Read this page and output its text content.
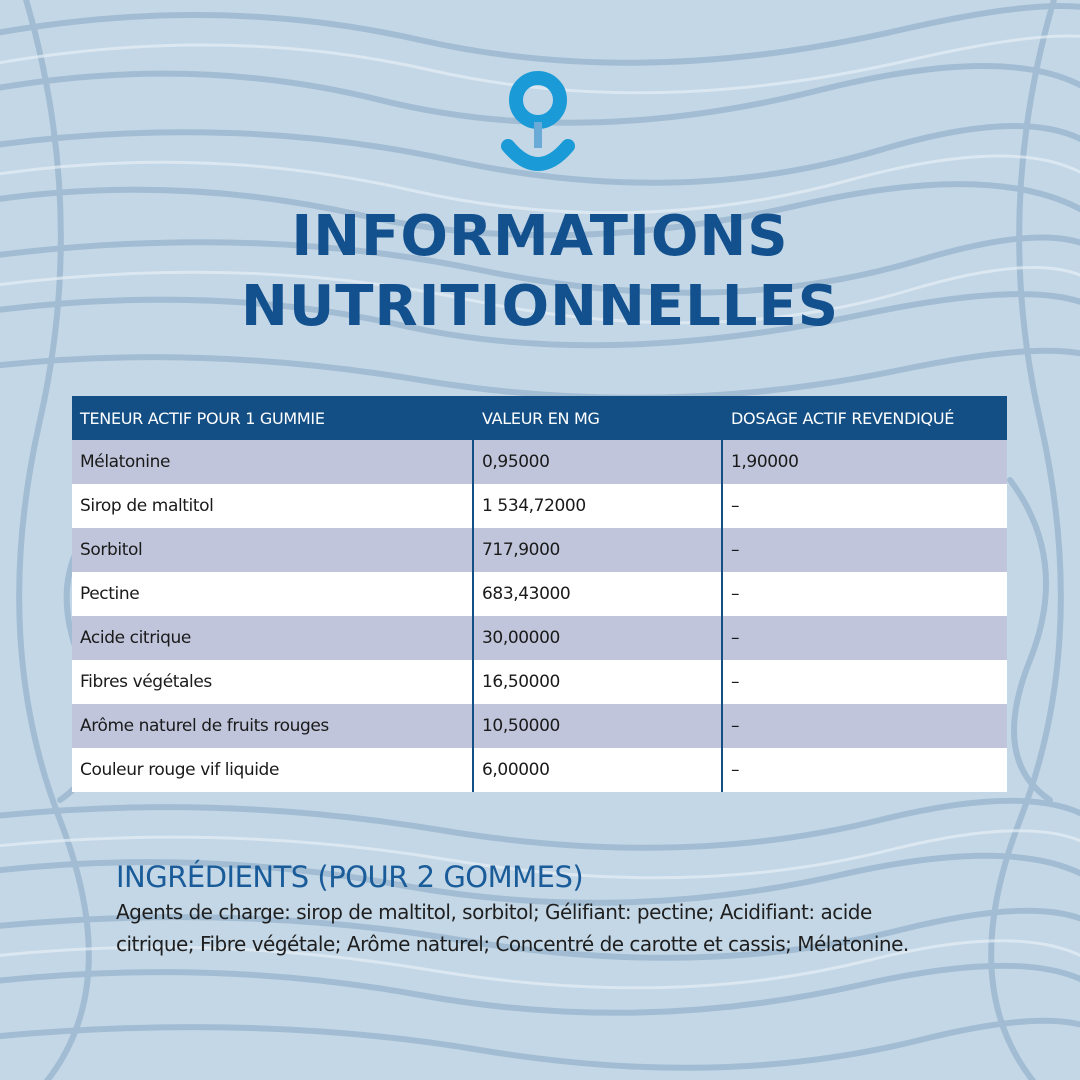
INFORMATIONS
NUTRITIONNELLES
TENEUR ACTIF POUR 1 GUMMIE	VALEUR EN MG	DOSAGE ACTIF REVENDIQUÉ
Mélatonine	0,95000	1,90000
Sirop de maltitol	1 534,72000	–
Sorbitol	717,9000	–
Pectine	683,43000	–
Acide citrique	30,00000	–
Fibres végétales	16,50000	–
Arôme naturel de fruits rouges	10,50000	–
Couleur rouge vif liquide	6,00000	–
INGRÉDIENTS (POUR 2 GOMMES)
Agents de charge: sirop de maltitol, sorbitol; Gélifiant: pectine; Acidifiant: acide citrique; Fibre végétale; Arôme naturel; Concentré de carotte et cassis; Mélatonine.
